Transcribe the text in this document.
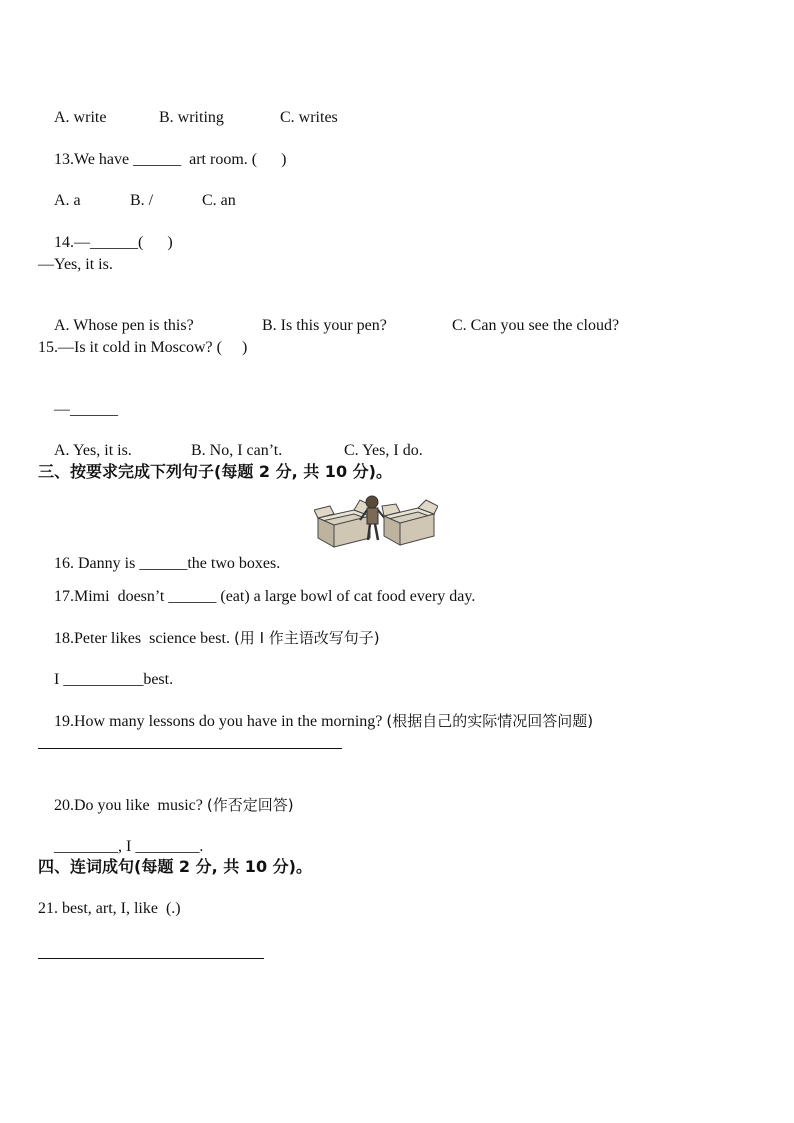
A. write	B. writing	C. writes

13.We have ______  art room. (      )

A. a	B. /	C. an

14.—______(      )

—Yes, it is.

A. Whose pen is this?	B. Is this your pen?	C. Can you see the cloud?

15.—Is it cold in Moscow? (     )

—______

A. Yes, it is.	B. No, I can’t.	C. Yes, I do.

三、按要求完成下列句子(每题 2 分, 共 10 分)。

16. Danny is ______the two boxes.

17.Mimi  doesn’t ______ (eat) a large bowl of cat food every day.

18.Peter likes  science best. (用 I 作主语改写句子)

I __________best.

19.How many lessons do you have in the morning? (根据自己的实际情况回答问题)

20.Do you like  music? (作否定回答)

________, I ________.

四、连词成句(每题 2 分, 共 10 分)。
21. best, art, I, like  (.)
